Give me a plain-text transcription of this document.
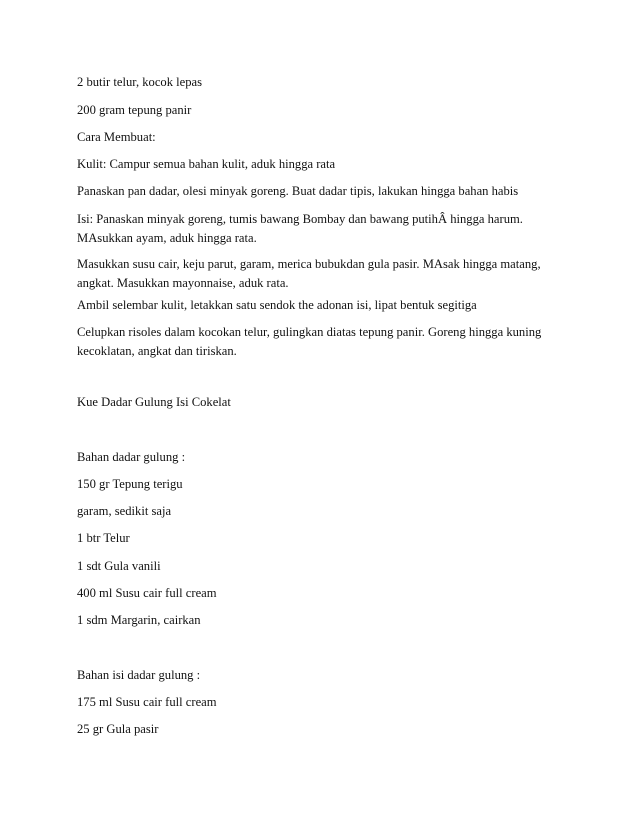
2 butir telur, kocok lepas

200 gram tepung panir

Cara Membuat:

Kulit: Campur semua bahan kulit, aduk hingga rata

Panaskan pan dadar, olesi minyak goreng. Buat dadar tipis, lakukan hingga bahan habis

Isi: Panaskan minyak goreng, tumis bawang Bombay dan bawang putihÂ hingga harum. MAsukkan ayam, aduk hingga rata.

Masukkan susu cair, keju parut, garam, merica bubukdan gula pasir. MAsak hingga matang, angkat. Masukkan mayonnaise, aduk rata.

Ambil selembar kulit, letakkan satu sendok the adonan isi, lipat bentuk segitiga

Celupkan risoles dalam kocokan telur, gulingkan diatas tepung panir. Goreng hingga kuning kecoklatan, angkat dan tiriskan.

Kue Dadar Gulung Isi Cokelat

Bahan dadar gulung :

150 gr Tepung terigu

garam, sedikit saja

1 btr Telur

1 sdt Gula vanili

400 ml Susu cair full cream

1 sdm Margarin, cairkan

Bahan isi dadar gulung :

175 ml Susu cair full cream

25 gr Gula pasir
